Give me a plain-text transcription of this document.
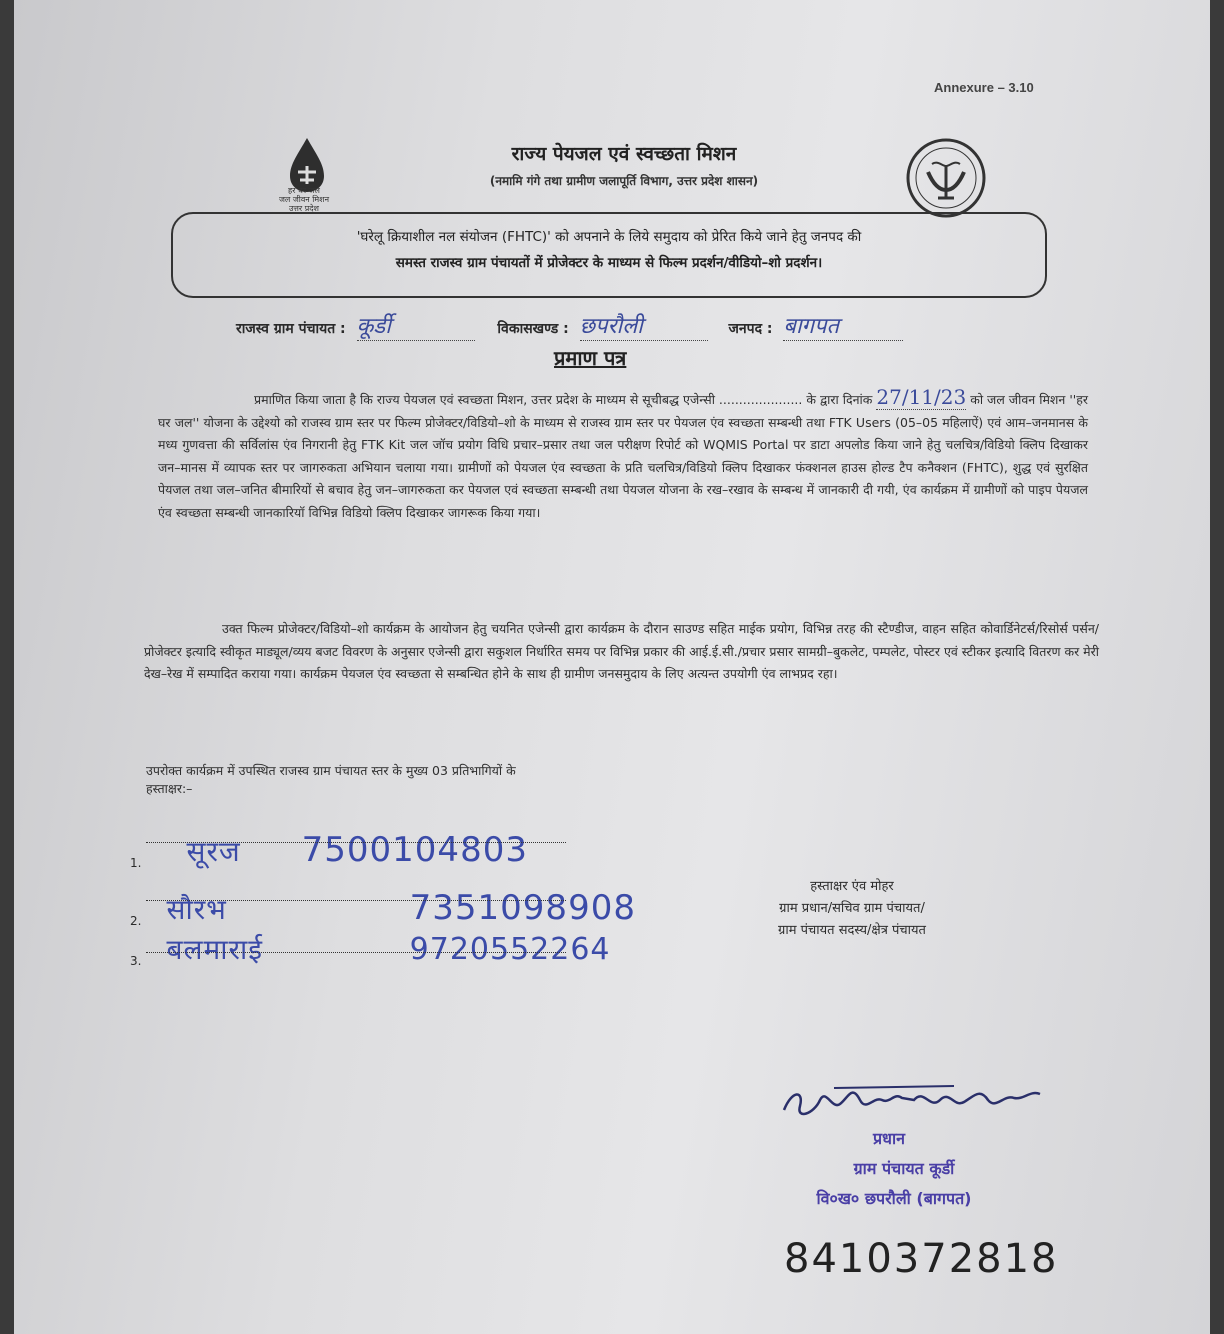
Annexure – 3.10
हर घर जल
जल जीवन मिशन
उत्तर प्रदेश
राज्य पेयजल एवं स्वच्छता मिशन
(नमामि गंगे तथा ग्रामीण जलापूर्ति विभाग, उत्तर प्रदेश शासन)
'घरेलू क्रियाशील नल संयोजन (FHTC)' को अपनाने के लिये समुदाय को प्रेरित किये जाने हेतु जनपद की
समस्त राजस्व ग्राम पंचायतों में प्रोजेक्टर के माध्यम से फिल्म प्रदर्शन/वीडियो–शो प्रदर्शन।
राजस्व ग्राम पंचायत : कूर्डी	विकासखण्ड : छपरौली	जनपद : बागपत
प्रमाण पत्र
प्रमाणित किया जाता है कि राज्य पेयजल एवं स्वच्छता मिशन, उत्तर प्रदेश के माध्यम से सूचीबद्ध एजेन्सी ..................... के द्वारा दिनांक 27/11/23 को जल जीवन मिशन ''हर घर जल'' योजना के उद्देश्यो को राजस्व ग्राम स्तर पर फिल्म प्रोजेक्टर/विडियो–शो के माध्यम से राजस्व ग्राम स्तर पर पेयजल एंव स्वच्छता सम्बन्धी तथा FTK Users (05–05 महिलाऐं) एवं आम–जनमानस के मध्य गुणवत्ता की सर्विलांस एंव निगरानी हेतु FTK Kit जल जॉच प्रयोग विधि प्रचार–प्रसार तथा जल परीक्षण रिपोर्ट को WQMIS Portal पर डाटा अपलोड किया जाने हेतु चलचित्र/विडियो क्लिप दिखाकर जन–मानस में व्यापक स्तर पर जागरुकता अभियान चलाया गया। ग्रामीणों को पेयजल एंव स्वच्छता के प्रति चलचित्र/विडियो क्लिप दिखाकर फंक्शनल हाउस होल्ड टैप कनैक्शन (FHTC), शुद्ध एवं सुरक्षित पेयजल तथा जल–जनित बीमारियों से बचाव हेतु जन–जागरुकता कर पेयजल एवं स्वच्छता सम्बन्धी तथा पेयजल योजना के रख–रखाव के सम्बन्ध में जानकारी दी गयी, एंव कार्यक्रम में ग्रामीणों को पाइप पेयजल एंव स्वच्छता सम्बन्धी जानकारियॉ विभिन्न विडियो क्लिप दिखाकर जागरूक किया गया।
उक्त फिल्म प्रोजेक्टर/विडियो–शो कार्यक्रम के आयोजन हेतु चयनित एजेन्सी द्वारा कार्यक्रम के दौरान साउण्ड सहित माईक प्रयोग, विभिन्न तरह की स्टैण्डीज, वाहन सहित कोवार्डिनेटर्स/रिसोर्स पर्सन/प्रोजेक्टर इत्यादि स्वीकृत माड्यूल/व्यय बजट विवरण के अनुसार एजेन्सी द्वारा सकुशल निर्धारित समय पर विभिन्न प्रकार की आई.ई.सी./प्रचार प्रसार सामग्री–बुकलेट, पम्पलेट, पोस्टर एवं स्टीकर इत्यादि वितरण कर मेरी देख–रेख में सम्पादित कराया गया। कार्यक्रम पेयजल एंव स्वच्छता से सम्बन्धित होने के साथ ही ग्रामीण जनसमुदाय के लिए अत्यन्त उपयोगी एंव लाभप्रद रहा।
उपरोक्त कार्यक्रम में उपस्थित राजस्व ग्राम पंचायत स्तर के मुख्य 03 प्रतिभागियों के
हस्ताक्षर:–
1. सूरज 7500104803
2. सौरभ	7351098908
3. बलमाराई	9720552264
हस्ताक्षर एंव मोहर
ग्राम प्रधान/सचिव ग्राम पंचायत/
ग्राम पंचायत सदस्य/क्षेत्र पंचायत
प्रधान
ग्राम पंचायत कूर्डी
वि०ख० छपरौली (बागपत)
8410372818
